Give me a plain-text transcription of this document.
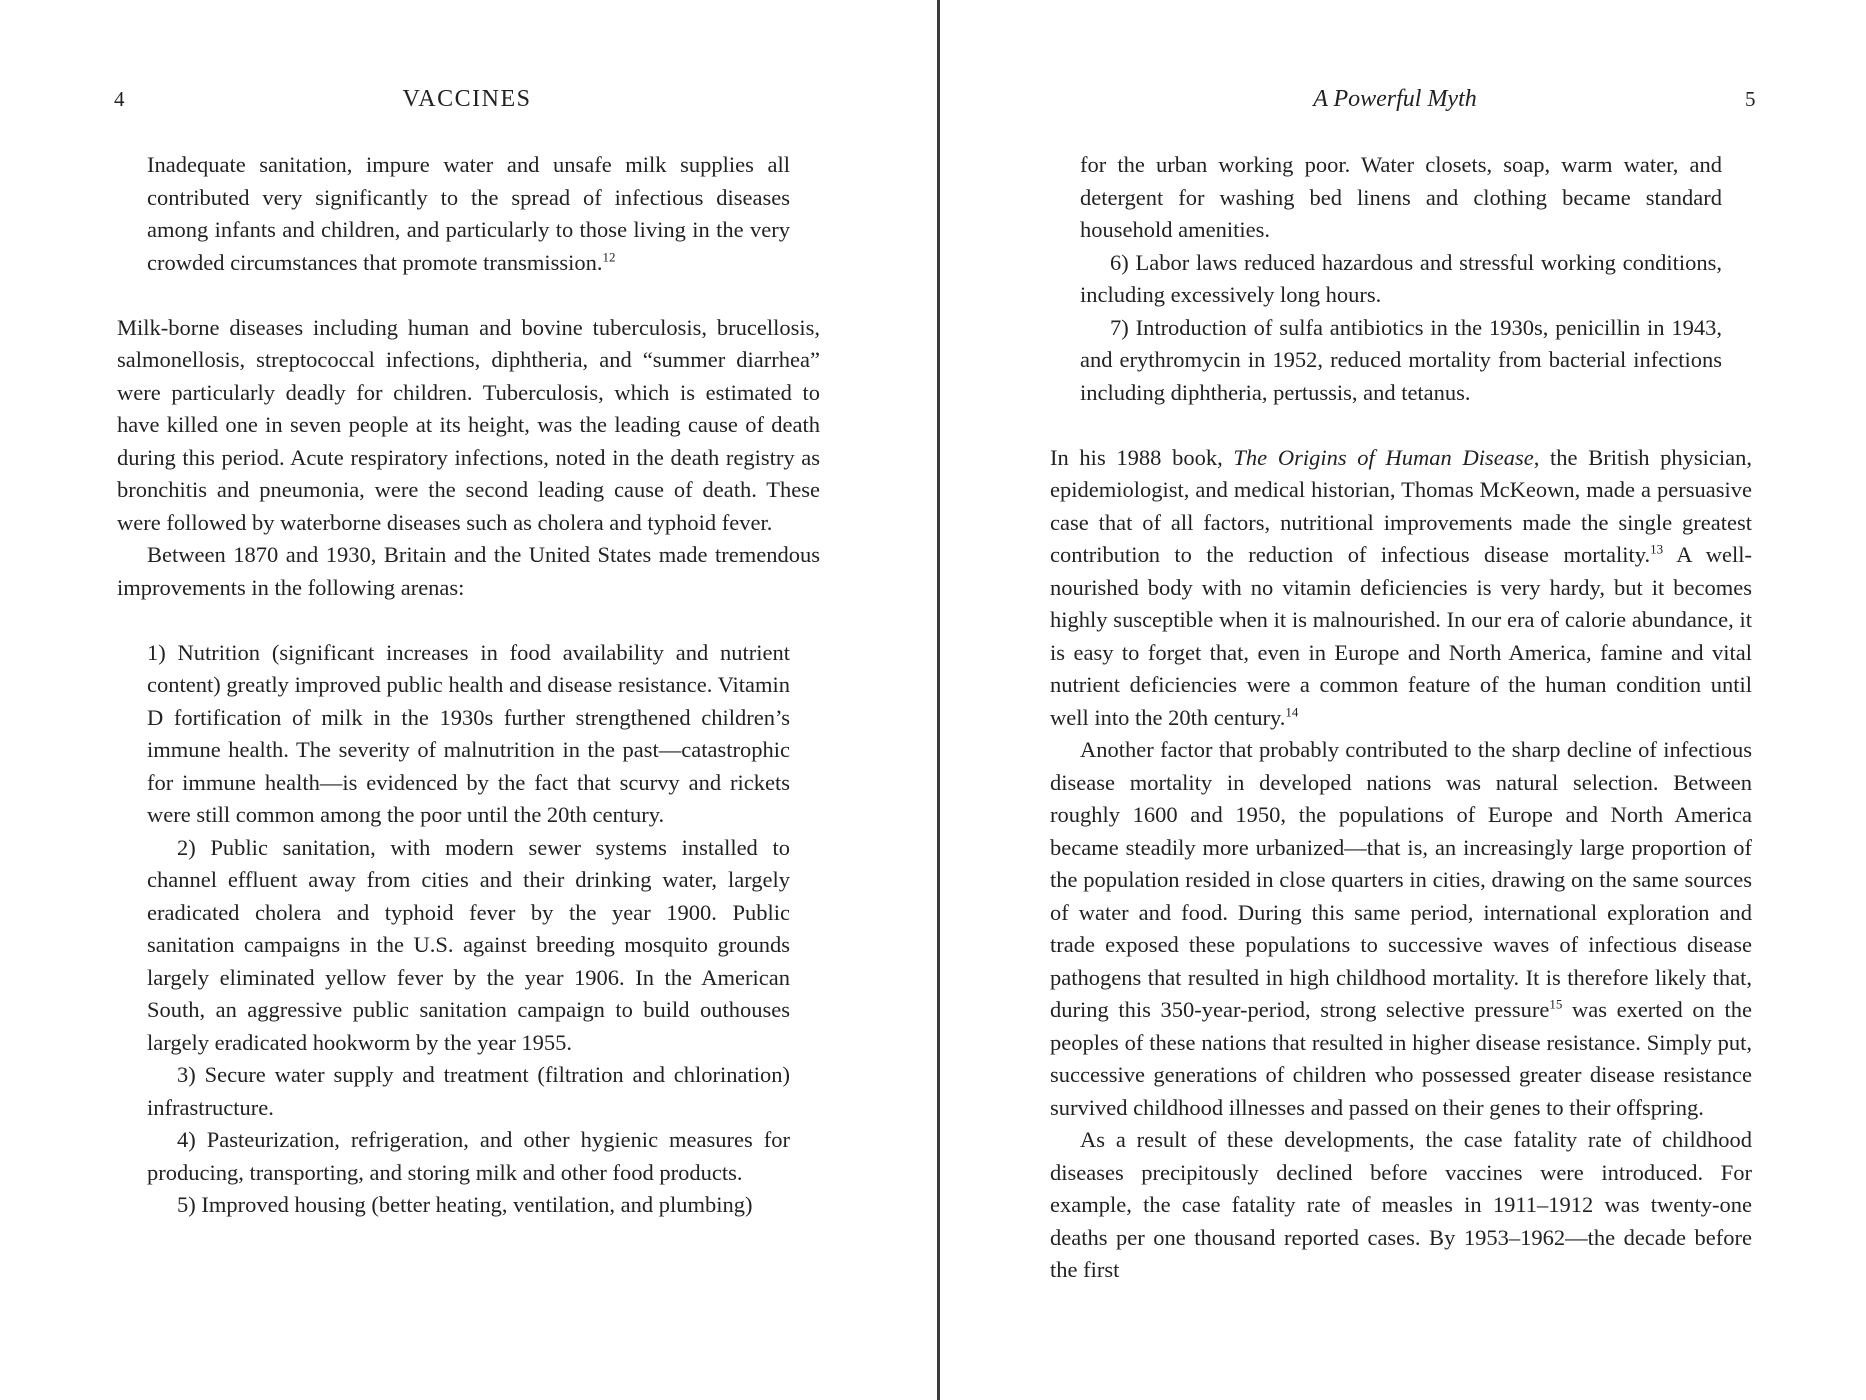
4	VACCINES

Inadequate sanitation, impure water and unsafe milk supplies all contributed very significantly to the spread of infectious diseases among infants and children, and particularly to those living in the very crowded circumstances that promote transmission.$^{12}$

Milk-borne diseases including human and bovine tuberculosis, brucellosis, salmonellosis, streptococcal infections, diphtheria, and “summer diarrhea” were particularly deadly for children. Tuberculosis, which is estimated to have killed one in seven people at its height, was the leading cause of death during this period. Acute respiratory infections, noted in the death registry as bronchitis and pneumonia, were the second leading cause of death. These were followed by waterborne diseases such as cholera and typhoid fever.

Between 1870 and 1930, Britain and the United States made tremendous improvements in the following arenas:

1) Nutrition (significant increases in food availability and nutrient content) greatly improved public health and disease resistance. Vitamin D fortification of milk in the 1930s further strengthened children’s immune health. The severity of malnutrition in the past—catastrophic for immune health—is evidenced by the fact that scurvy and rickets were still common among the poor until the 20th century.

2) Public sanitation, with modern sewer systems installed to channel effluent away from cities and their drinking water, largely eradicated cholera and typhoid fever by the year 1900. Public sanitation campaigns in the U.S. against breeding mosquito grounds largely eliminated yellow fever by the year 1906. In the American South, an aggressive public sanitation campaign to build outhouses largely eradicated hookworm by the year 1955.

3) Secure water supply and treatment (filtration and chlorination) infrastructure.

4) Pasteurization, refrigeration, and other hygienic measures for producing, transporting, and storing milk and other food products.

5) Improved housing (better heating, ventilation, and plumbing)

A Powerful Myth	5

for the urban working poor. Water closets, soap, warm water, and detergent for washing bed linens and clothing became standard household amenities.

6) Labor laws reduced hazardous and stressful working conditions, including excessively long hours.

7) Introduction of sulfa antibiotics in the 1930s, penicillin in 1943, and erythromycin in 1952, reduced mortality from bacterial infections including diphtheria, pertussis, and tetanus.

In his 1988 book, The Origins of Human Disease, the British physician, epidemiologist, and medical historian, Thomas McKeown, made a persuasive case that of all factors, nutritional improvements made the single greatest contribution to the reduction of infectious disease mortality.$^{13}$ A well-nourished body with no vitamin deficiencies is very hardy, but it becomes highly susceptible when it is malnourished. In our era of calorie abundance, it is easy to forget that, even in Europe and North America, famine and vital nutrient deficiencies were a common feature of the human condition until well into the 20th century.$^{14}$

Another factor that probably contributed to the sharp decline of infectious disease mortality in developed nations was natural selection. Between roughly 1600 and 1950, the populations of Europe and North America became steadily more urbanized—that is, an increasingly large proportion of the population resided in close quarters in cities, drawing on the same sources of water and food. During this same period, international exploration and trade exposed these populations to successive waves of infectious disease pathogens that resulted in high childhood mortality. It is therefore likely that, during this 350-year-period, strong selective pressure$^{15}$ was exerted on the peoples of these nations that resulted in higher disease resistance. Simply put, successive generations of children who possessed greater disease resistance survived childhood illnesses and passed on their genes to their offspring.

As a result of these developments, the case fatality rate of childhood diseases precipitously declined before vaccines were introduced. For example, the case fatality rate of measles in 1911–1912 was twenty-one deaths per one thousand reported cases. By 1953–1962—the decade before the first
